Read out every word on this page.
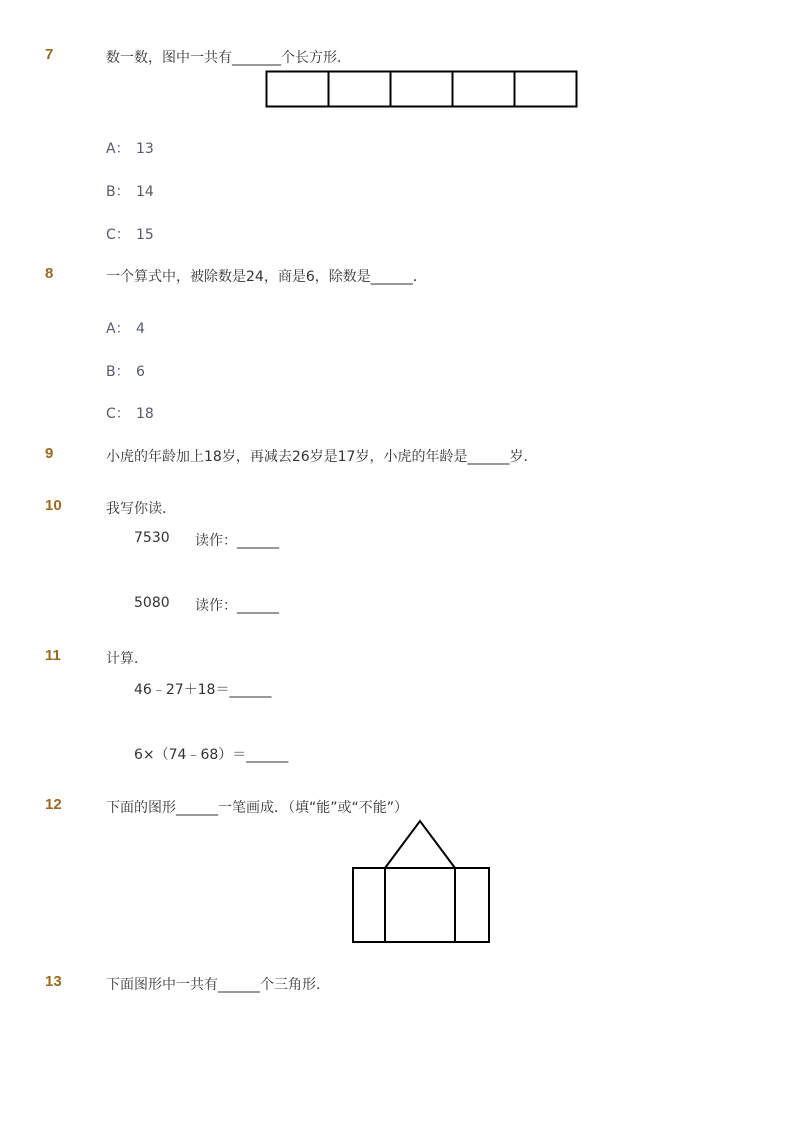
7	数一数，图中一共有_______个长方形．
A： 13
B： 14
C： 15
8	一个算式中，被除数是24，商是6，除数是______．
A： 4
B： 6
C： 18
9	小虎的年龄加上18岁，再减去26岁是17岁，小虎的年龄是______岁．
10	我写你读．
7530 读作：______
5080 读作：______
11	计算．
46﹣27＋18＝______
6×（74﹣68）＝______
12	下面的图形______一笔画成．（填“能”或“不能”）
13	下面图形中一共有______个三角形．
